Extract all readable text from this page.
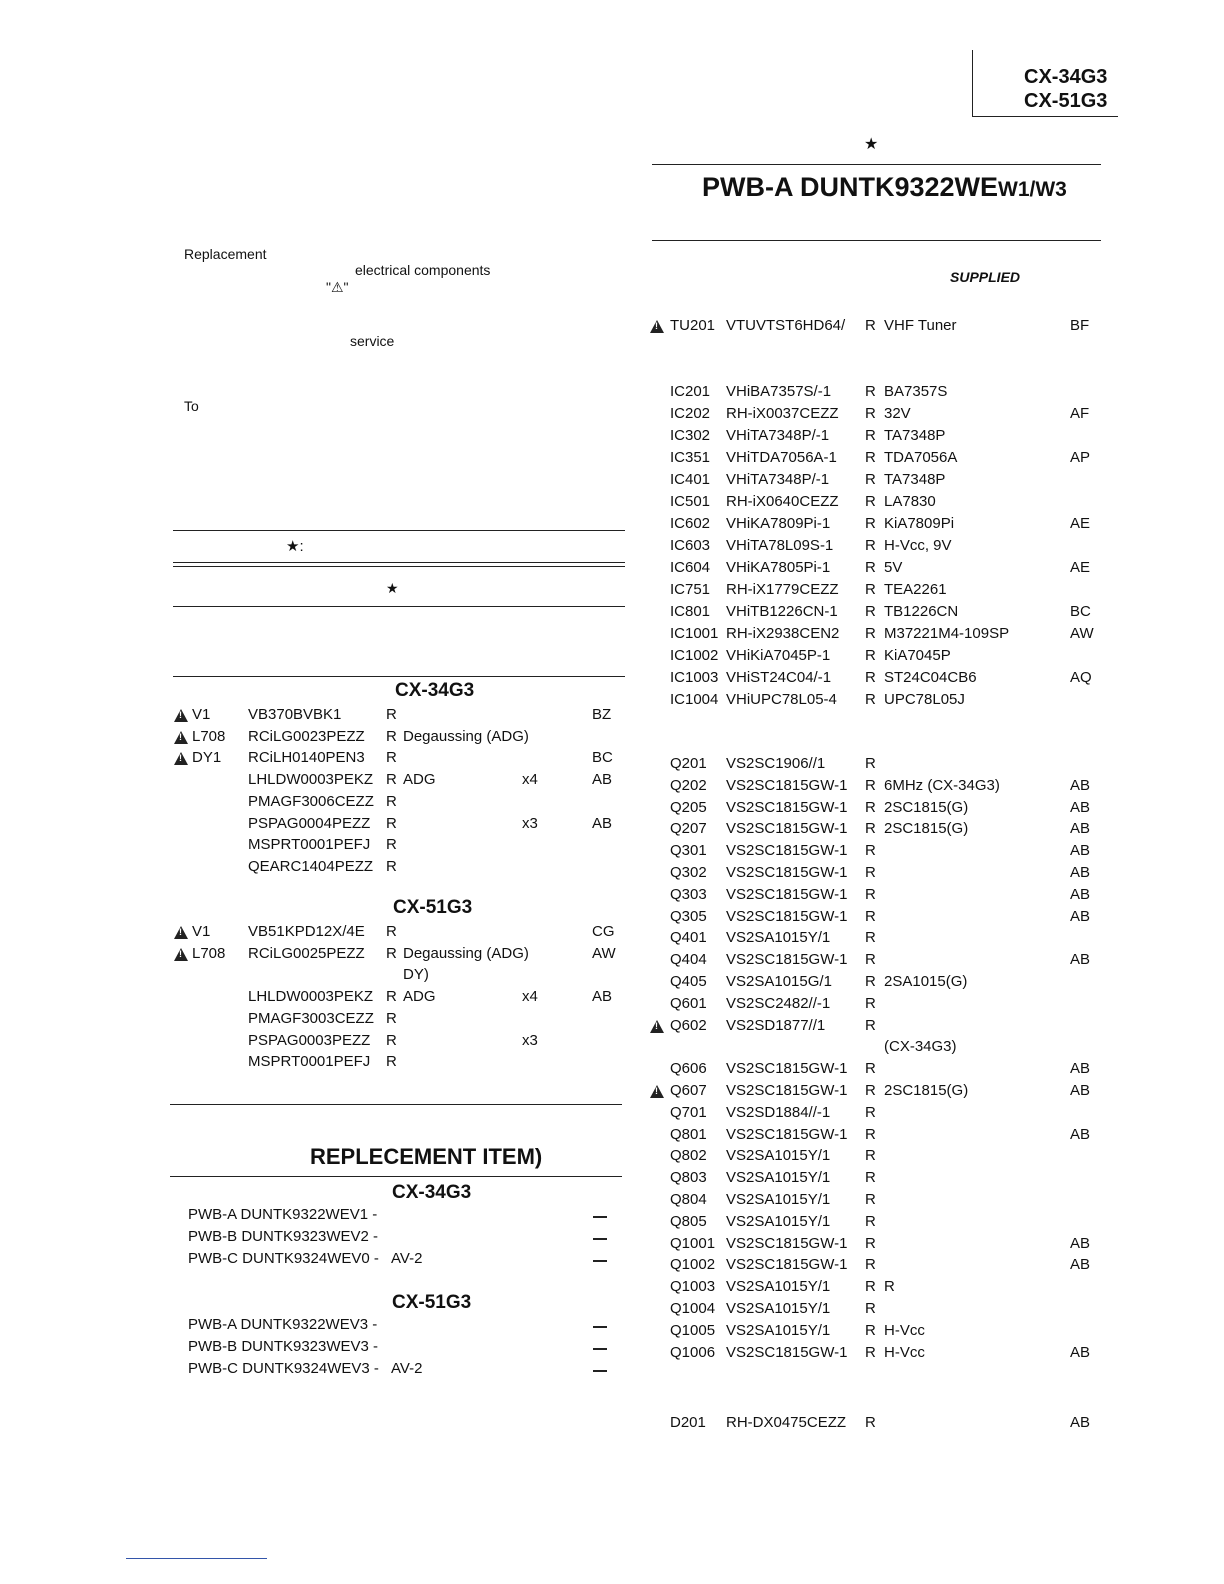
CX-34G3
CX-51G3
★
PWB-A DUNTK9322WEW1/W3
SUPPLIED
Replacement
electrical components
"⚠"
service
To
★:
★
CX-34G3
!
V1	VB370BVBK1	R	BZ
!
L708 RCiLG0023PEZZ R Degaussing (ADG)
!
DY1 RCiLH0140PEN3 R	BC
LHLDW0003PEKZ R ADG	x4	AB
PMAGF3006CEZZ R
PSPAG0004PEZZ R	x3	AB
MSPRT0001PEFJ R
QEARC1404PEZZ R
CX-51G3
!
V1	VB51KPD12X/4E R	CG
!
L708 RCiLG0025PEZZ R Degaussing (ADG)	AW
DY)
LHLDW0003PEKZ R ADG	x4	AB
PMAGF3003CEZZ R
PSPAG0003PEZZ R	x3
MSPRT0001PEFJ R
REPLECEMENT ITEM)
CX-34G3
PWB-A DUNTK9322WEV1 -
PWB-B DUNTK9323WEV2 -
PWB-C DUNTK9324WEV0 - AV-2
CX-51G3
PWB-A DUNTK9322WEV3 -
PWB-B DUNTK9323WEV3 -
PWB-C DUNTK9324WEV3 - AV-2
!
TU201 VTUVTST6HD64/ R VHF Tuner	BF
IC201 VHiBA7357S/-1 R BA7357S
IC202 RH-iX0037CEZZ R 32V	AF
IC302 VHiTA7348P/-1 R TA7348P
IC351 VHiTDA7056A-1 R TDA7056A	AP
IC401 VHiTA7348P/-1 R TA7348P
IC501 RH-iX0640CEZZ R LA7830
IC602 VHiKA7809Pi-1 R KiA7809Pi	AE
IC603 VHiTA78L09S-1 R H-Vcc, 9V
IC604 VHiKA7805Pi-1 R 5V	AE
IC751 RH-iX1779CEZZ R TEA2261
IC801 VHiTB1226CN-1 R TB1226CN	BC
IC1001 RH-iX2938CEN2 R M37221M4-109SP	AW
IC1002 VHiKiA7045P-1 R KiA7045P
IC1003 VHiST24C04/-1 R ST24C04CB6	AQ
IC1004 VHiUPC78L05-4 R UPC78L05J
Q201 VS2SC1906//1	R
Q202 VS2SC1815GW-1 R 6MHz (CX-34G3)	AB
Q205 VS2SC1815GW-1 R 2SC1815(G)	AB
Q207 VS2SC1815GW-1 R 2SC1815(G)	AB
Q301 VS2SC1815GW-1 R	AB
Q302 VS2SC1815GW-1 R	AB
Q303 VS2SC1815GW-1 R	AB
Q305 VS2SC1815GW-1 R	AB
Q401 VS2SA1015Y/1 R
Q404 VS2SC1815GW-1 R	AB
Q405 VS2SA1015G/1 R 2SA1015(G)
Q601 VS2SC2482//-1 R
!
Q602 VS2SD1877//1	R
(CX-34G3)
Q606 VS2SC1815GW-1 R	AB
!
Q607 VS2SC1815GW-1 R 2SC1815(G)	AB
Q701 VS2SD1884//-1 R
Q801 VS2SC1815GW-1 R	AB
Q802 VS2SA1015Y/1 R
Q803 VS2SA1015Y/1 R
Q804 VS2SA1015Y/1 R
Q805 VS2SA1015Y/1 R
Q1001 VS2SC1815GW-1 R	AB
Q1002 VS2SC1815GW-1 R	AB
Q1003 VS2SA1015Y/1 R R
Q1004 VS2SA1015Y/1 R
Q1005 VS2SA1015Y/1 R H-Vcc
Q1006 VS2SC1815GW-1 R H-Vcc	AB
D201 RH-DX0475CEZZ R	AB
